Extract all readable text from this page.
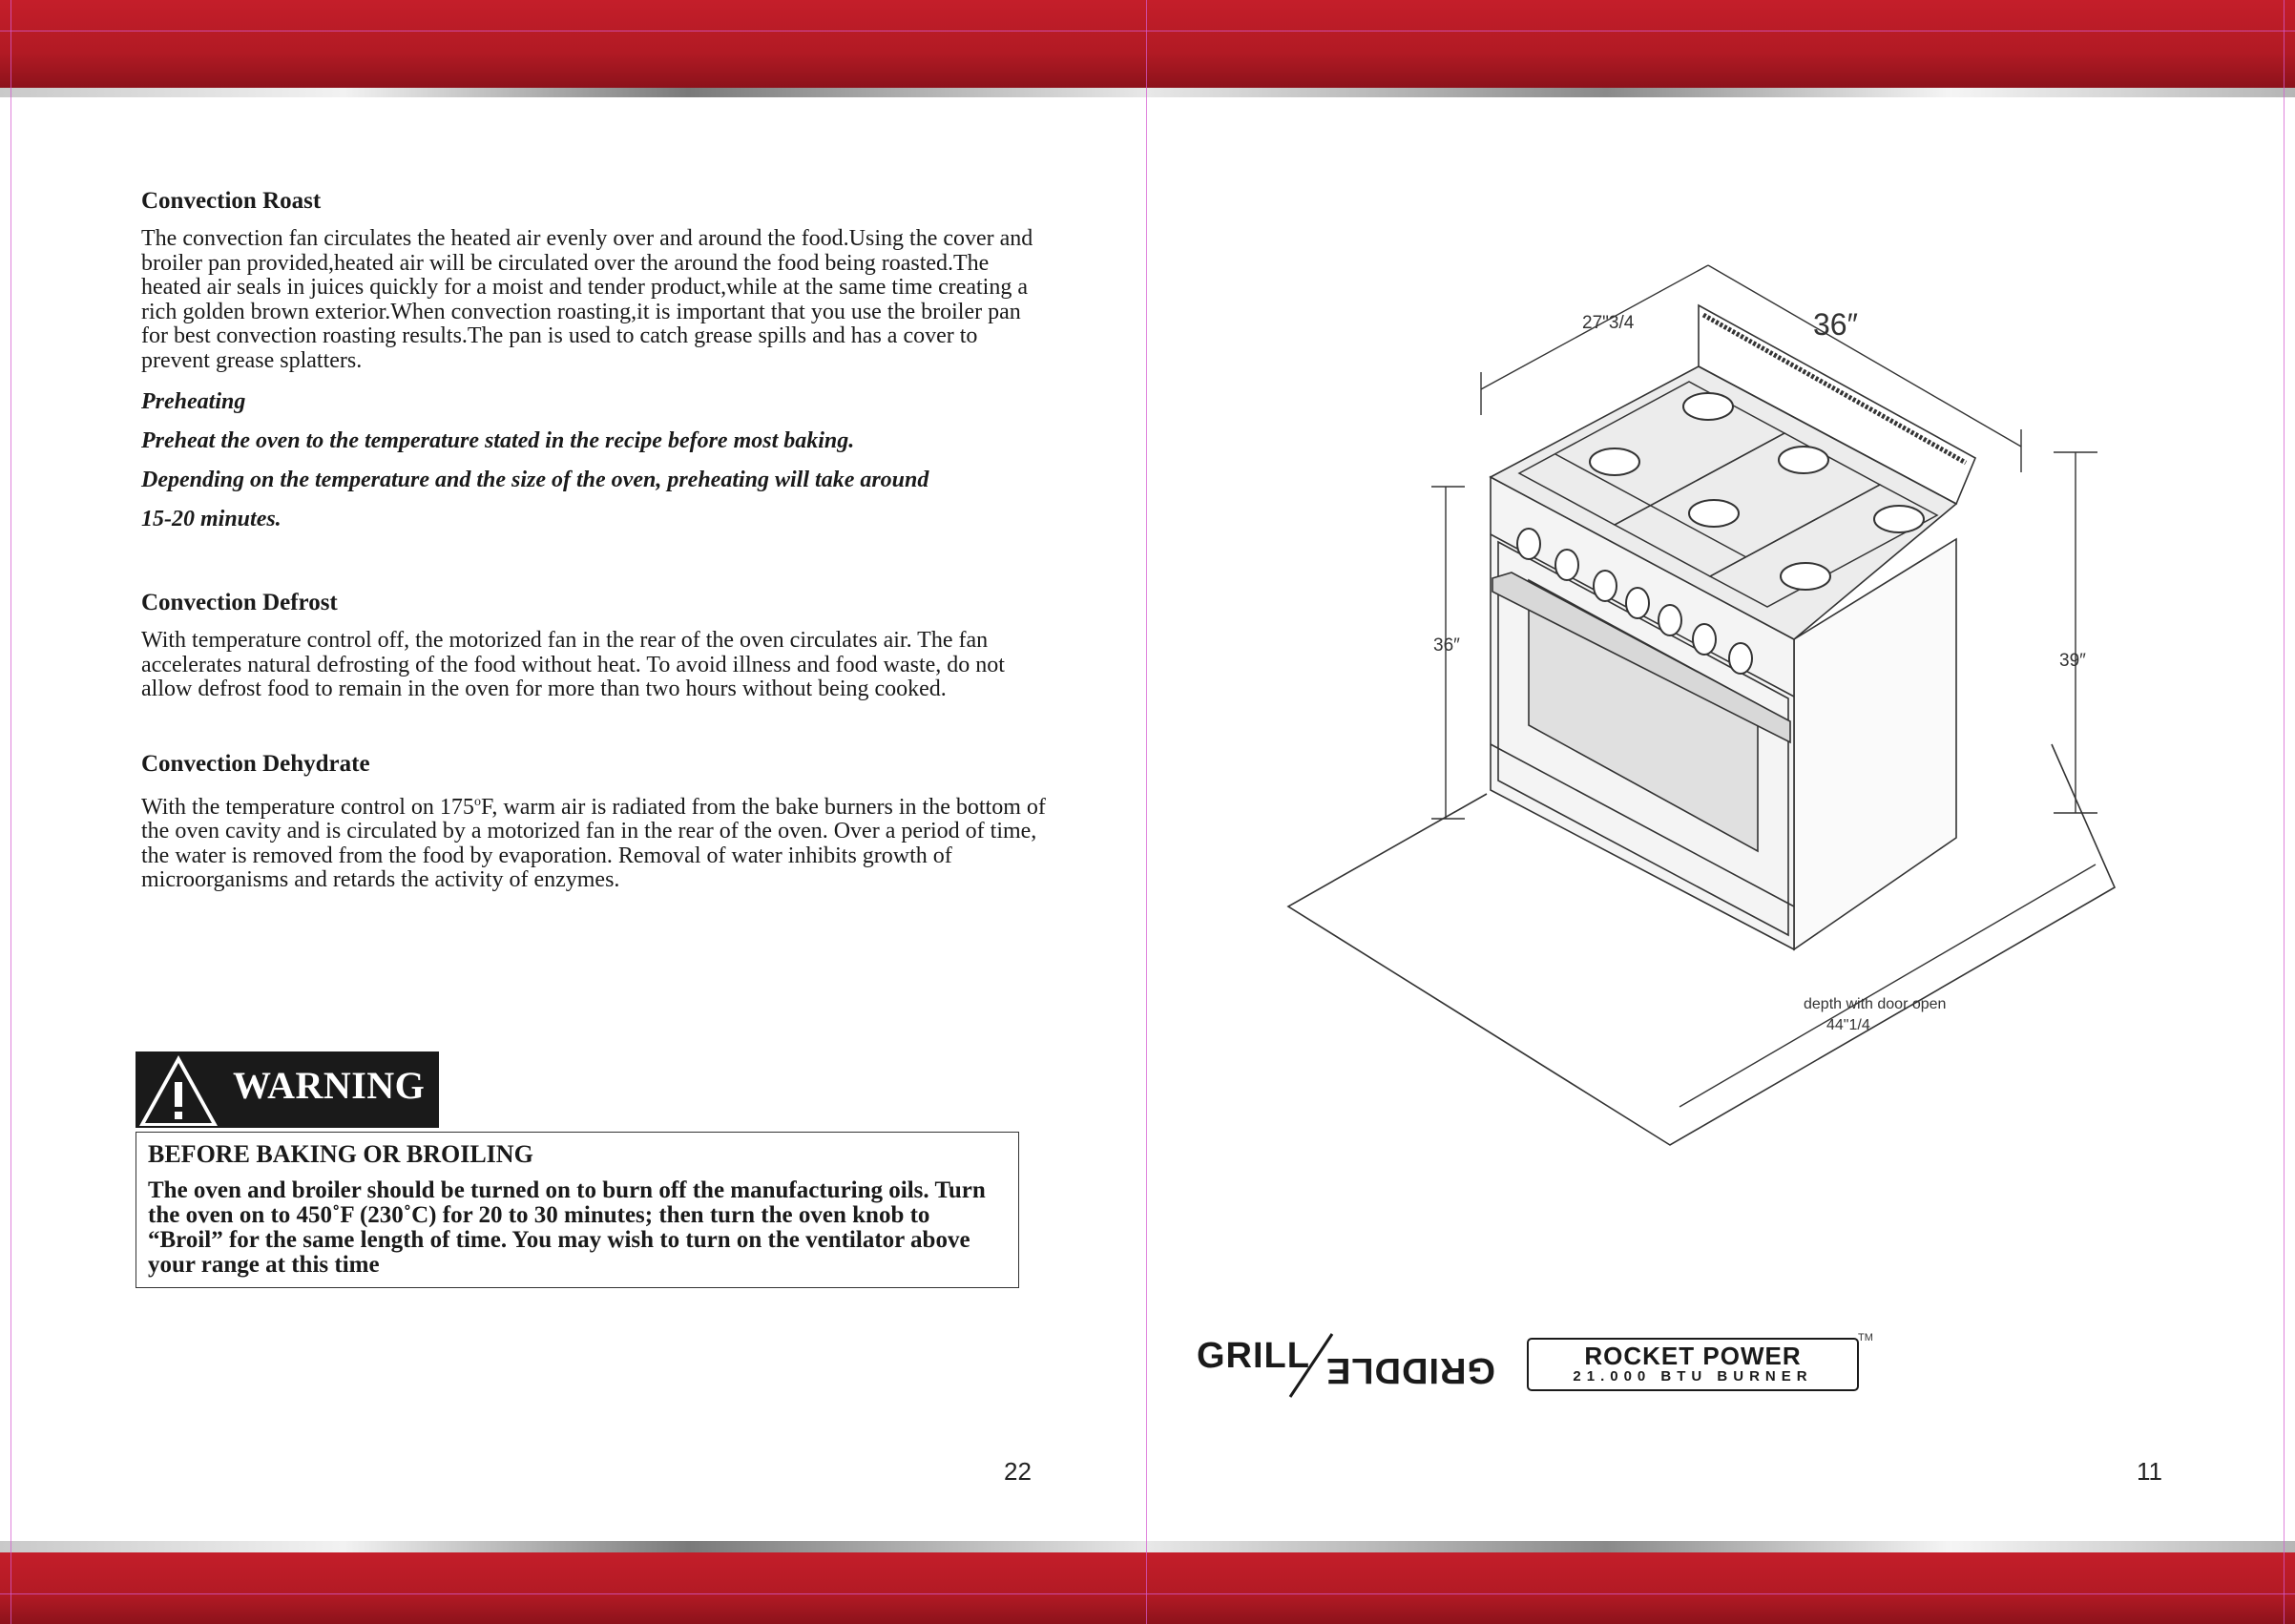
Convection Roast

The convection fan circulates the heated air evenly over and around the food.Using the cover and broiler pan provided,heated air will be circulated over the around the food being roasted.The heated air seals in juices quickly for a moist and tender product,while at the same time creating a rich golden brown exterior.When convection roasting,it is important that you use the broiler pan for best convection roasting results.The pan is used to catch grease spills and has a cover to prevent grease splatters.

Preheating

Preheat the oven to the temperature stated in the recipe before most baking.

Depending on the temperature and the size of the oven, preheating will take around

15-20 minutes.

Convection Defrost

With temperature control off, the motorized fan in the rear of the oven circulates air. The fan accelerates natural defrosting of the food without heat. To avoid illness and food waste, do not allow defrost food to remain in the oven for more than two hours without being cooked.

Convection Dehydrate

With the temperature control on 175$^o$F, warm air is radiated from the bake burners in the bottom of the oven cavity and is circulated by a motorized fan in the rear of the oven. Over a period of time, the water is removed from the food by evaporation. Removal of water inhibits growth of microorganisms and retards the activity of enzymes.

WARNING
BEFORE BAKING OR BROILING
The oven and broiler should be turned on to burn off the manufacturing oils. Turn the oven on to 450˚F (230˚C) for 20 to 30 minutes; then turn the oven knob to “Broil” for the same length of time. You may wish to turn on the ventilator above your range at this time
22
27"3/4	36″
36″
39″
depth with door open
44"1/4
GRILL GRIDDLE	ROCKET POWER
21.000 BTU BURNER
TM
11
